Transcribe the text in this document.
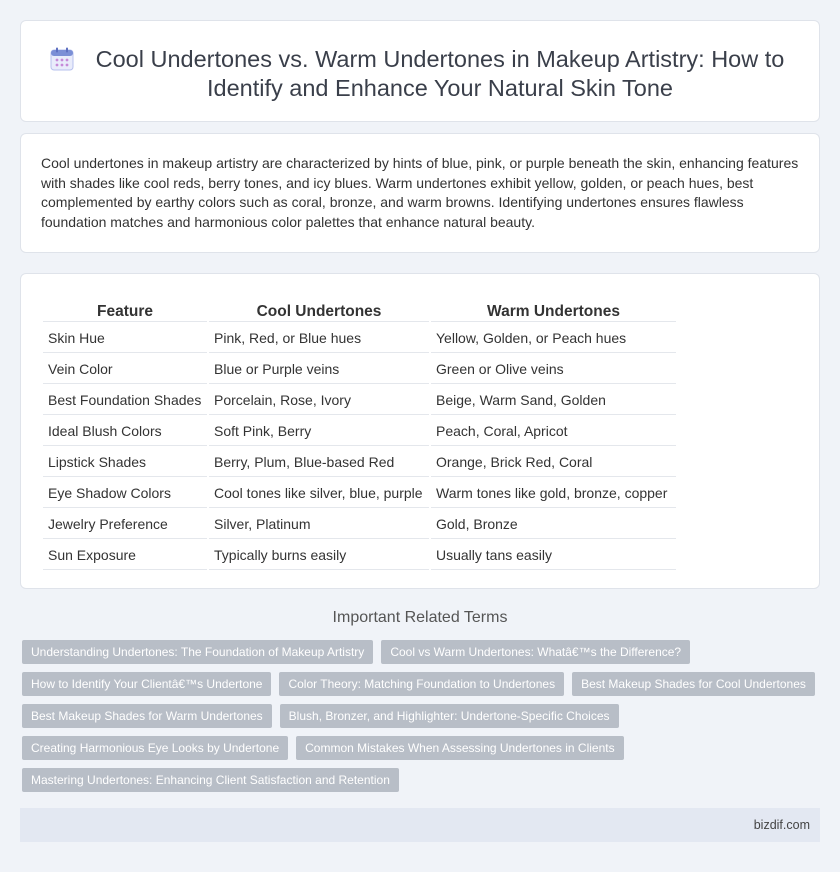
Cool Undertones vs. Warm Undertones in Makeup Artistry: How to Identify and Enhance Your Natural Skin Tone

Cool undertones in makeup artistry are characterized by hints of blue, pink, or purple beneath the skin, enhancing features with shades like cool reds, berry tones, and icy blues. Warm undertones exhibit yellow, golden, or peach hues, best complemented by earthy colors such as coral, bronze, and warm browns. Identifying undertones ensures flawless foundation matches and harmonious color palettes that enhance natural beauty.

Feature	Cool Undertones	Warm Undertones
Skin Hue	Pink, Red, or Blue hues	Yellow, Golden, or Peach hues
Vein Color	Blue or Purple veins	Green or Olive veins
Best Foundation Shades	Porcelain, Rose, Ivory	Beige, Warm Sand, Golden
Ideal Blush Colors	Soft Pink, Berry	Peach, Coral, Apricot
Lipstick Shades	Berry, Plum, Blue-based Red	Orange, Brick Red, Coral
Eye Shadow Colors	Cool tones like silver, blue, purple	Warm tones like gold, bronze, copper
Jewelry Preference	Silver, Platinum	Gold, Bronze
Sun Exposure	Typically burns easily	Usually tans easily
Important Related Terms
Understanding Undertones: The Foundation of Makeup Artistry	Cool vs Warm Undertones: Whatâ€™s the Difference?
How to Identify Your Clientâ€™s Undertone	Color Theory: Matching Foundation to Undertones	Best Makeup Shades for Cool Undertones
Best Makeup Shades for Warm Undertones	Blush, Bronzer, and Highlighter: Undertone-Specific Choices
Creating Harmonious Eye Looks by Undertone	Common Mistakes When Assessing Undertones in Clients
Mastering Undertones: Enhancing Client Satisfaction and Retention
bizdif.com
